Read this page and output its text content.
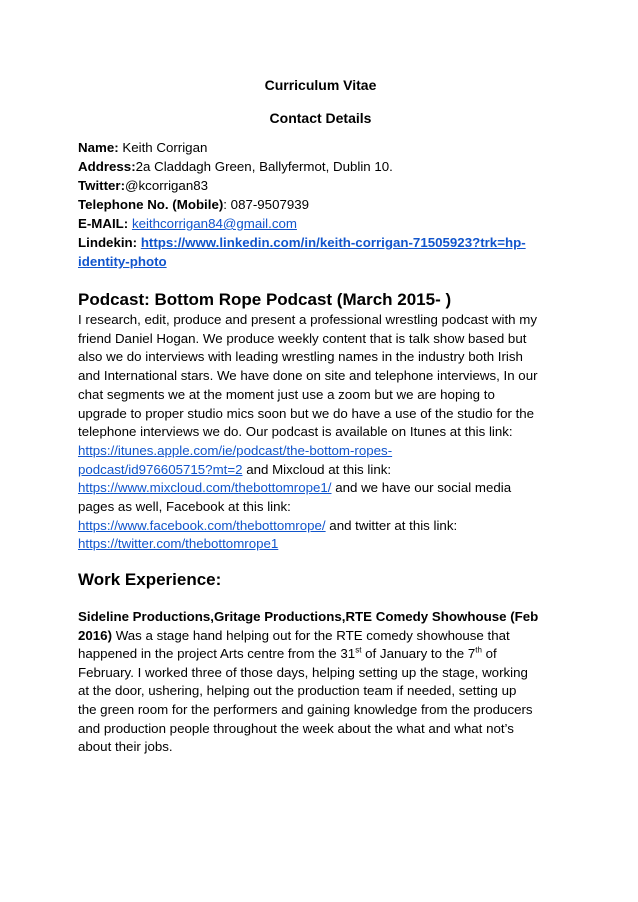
Curriculum Vitae
Contact Details
Name: Keith Corrigan
Address:2a Claddagh Green, Ballyfermot, Dublin 10.
Twitter:@kcorrigan83
Telephone No. (Mobile): 087-9507939
E-MAIL: keithcorrigan84@gmail.com
Lindekin: https://www.linkedin.com/in/keith-corrigan-71505923?trk=hp-
identity-photo
Podcast: Bottom Rope Podcast (March 2015- )
I research, edit, produce and present a professional wrestling podcast with my
friend Daniel Hogan. We produce weekly content that is talk show based but
also we do interviews with leading wrestling names in the industry both Irish
and International stars. We have done on site and telephone interviews, In our
chat segments we at the moment just use a zoom but we are hoping to
upgrade to proper studio mics soon but we do have a use of the studio for the
telephone interviews we do. Our podcast is available on Itunes at this link:
https://itunes.apple.com/ie/podcast/the-bottom-ropes-
podcast/id976605715?mt=2 and Mixcloud at this link:
https://www.mixcloud.com/thebottomrope1/ and we have our social media
pages as well, Facebook at this link:
https://www.facebook.com/thebottomrope/ and twitter at this link:
https://twitter.com/thebottomrope1
Work Experience:
Sideline Productions,Gritage Productions,RTE Comedy Showhouse (Feb
2016) Was a stage hand helping out for the RTE comedy showhouse that
happened in the project Arts centre from the 31st of January to the 7th of
February. I worked three of those days, helping setting up the stage, working
at the door, ushering, helping out the production team if needed, setting up
the green room for the performers and gaining knowledge from the producers
and production people throughout the week about the what and what not’s
about their jobs.
